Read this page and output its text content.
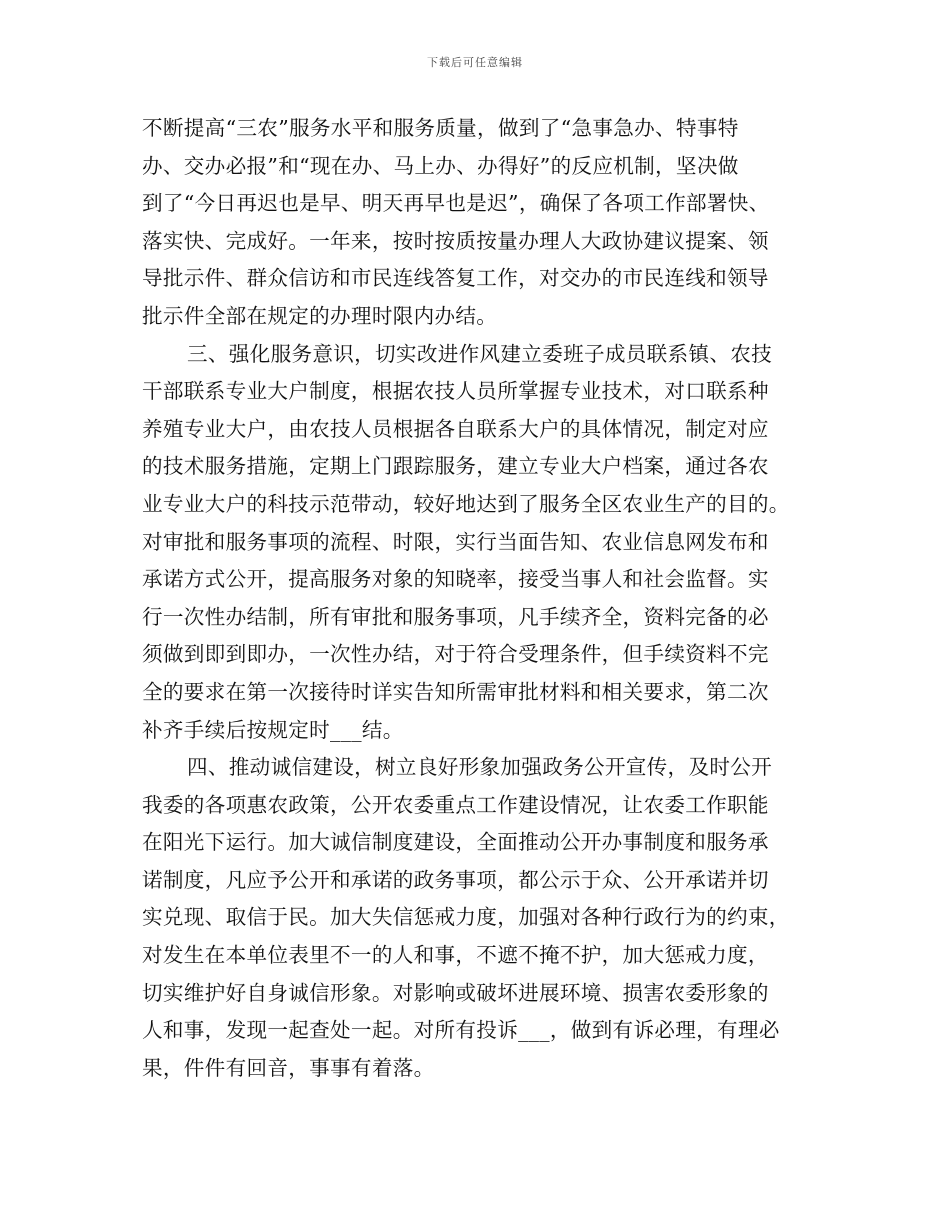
下载后可任意编辑
不断提高“三农”服务水平和服务质量，做到了“急事急办、特事特
办、交办必报”和“现在办、马上办、办得好”的反应机制，坚决做
到了“今日再迟也是早、明天再早也是迟”，确保了各项工作部署快、
落实快、完成好。一年来，按时按质按量办理人大政协建议提案、领
导批示件、群众信访和市民连线答复工作，对交办的市民连线和领导
批示件全部在规定的办理时限内办结。
三、强化服务意识，切实改进作风建立委班子成员联系镇、农技
干部联系专业大户制度，根据农技人员所掌握专业技术，对口联系种
养殖专业大户，由农技人员根据各自联系大户的具体情况，制定对应
的技术服务措施，定期上门跟踪服务，建立专业大户档案，通过各农
业专业大户的科技示范带动，较好地达到了服务全区农业生产的目的。
对审批和服务事项的流程、时限，实行当面告知、农业信息网发布和
承诺方式公开，提高服务对象的知晓率，接受当事人和社会监督。实
行一次性办结制，所有审批和服务事项，凡手续齐全，资料完备的必
须做到即到即办，一次性办结，对于符合受理条件，但手续资料不完
全的要求在第一次接待时详实告知所需审批材料和相关要求，第二次
补齐手续后按规定时___结。
四、推动诚信建设，树立良好形象加强政务公开宣传，及时公开
我委的各项惠农政策，公开农委重点工作建设情况，让农委工作职能
在阳光下运行。加大诚信制度建设，全面推动公开办事制度和服务承
诺制度，凡应予公开和承诺的政务事项，都公示于众、公开承诺并切
实兑现、取信于民。加大失信惩戒力度，加强对各种行政行为的约束，
对发生在本单位表里不一的人和事，不遮不掩不护，加大惩戒力度，
切实维护好自身诚信形象。对影响或破坏进展环境、损害农委形象的
人和事，发现一起查处一起。对所有投诉___，做到有诉必理，有理必
果，件件有回音，事事有着落。
